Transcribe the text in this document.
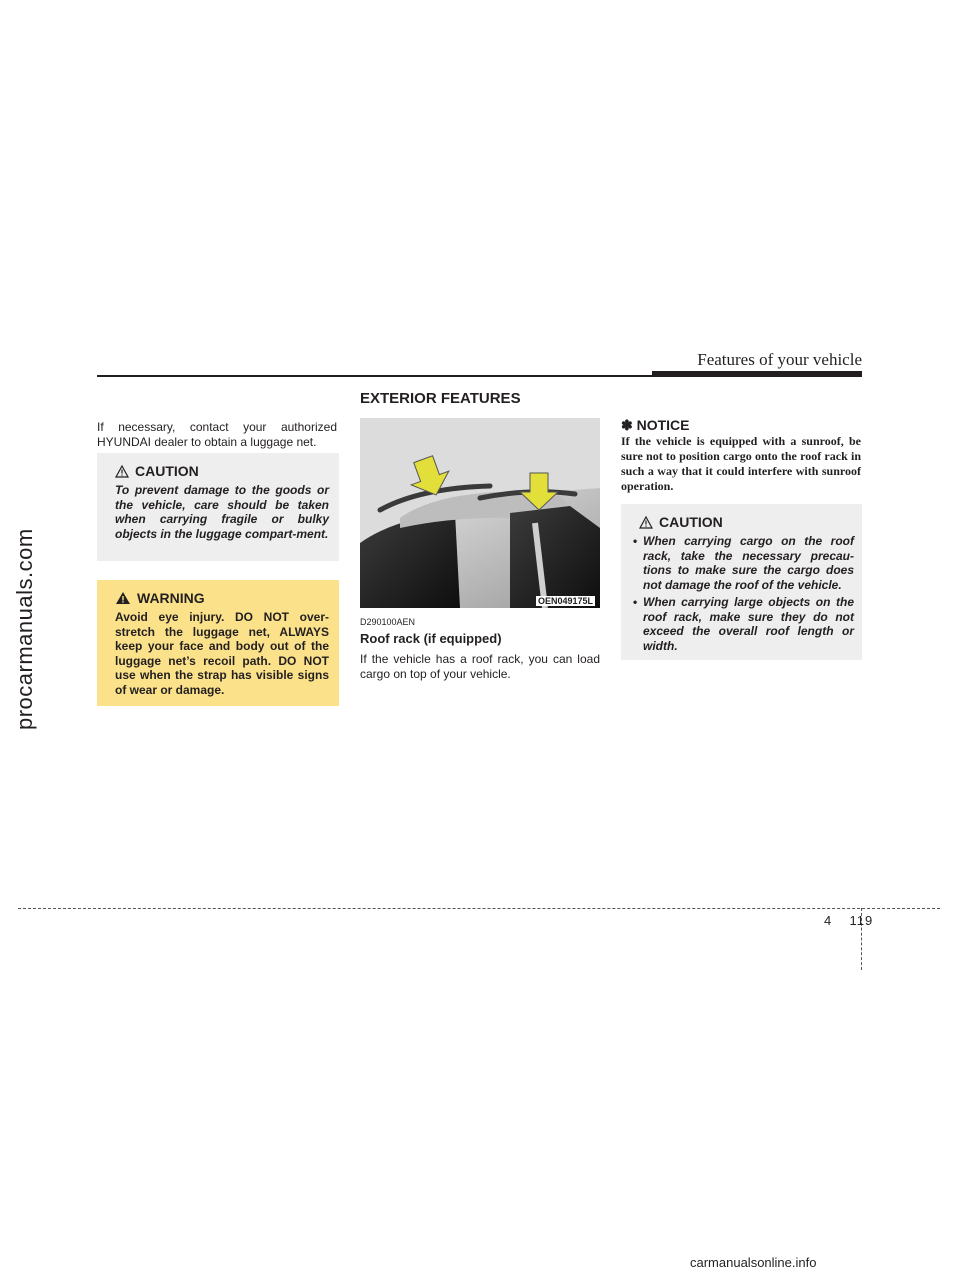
Features of your vehicle
EXTERIOR FEATURES
If necessary, contact your authorized HYUNDAI dealer to obtain a luggage net.
CAUTION
To prevent damage to the goods or the vehicle, care should be taken when carrying fragile or bulky objects in the luggage compart-ment.
WARNING
Avoid eye injury. DO NOT over-stretch the luggage net, ALWAYS keep your face and body out of the luggage net’s recoil path. DO NOT use when the strap has visible signs of wear or damage.
OEN049175L
D290100AEN
Roof rack (if equipped)
If the vehicle has a roof rack, you can load cargo on top of your vehicle.
✽ NOTICE
If the vehicle is equipped with a sunroof, be sure not to position cargo onto the roof rack in such a way that it could interfere with sunroof operation.
CAUTION
• When carrying cargo on the roof rack, take the necessary precau-tions to make sure the cargo does not damage the roof of the vehicle.
• When carrying large objects on the roof rack, make sure they do not exceed the overall roof length or width.
4 119
procarmanuals.com
carmanualsonline.info
